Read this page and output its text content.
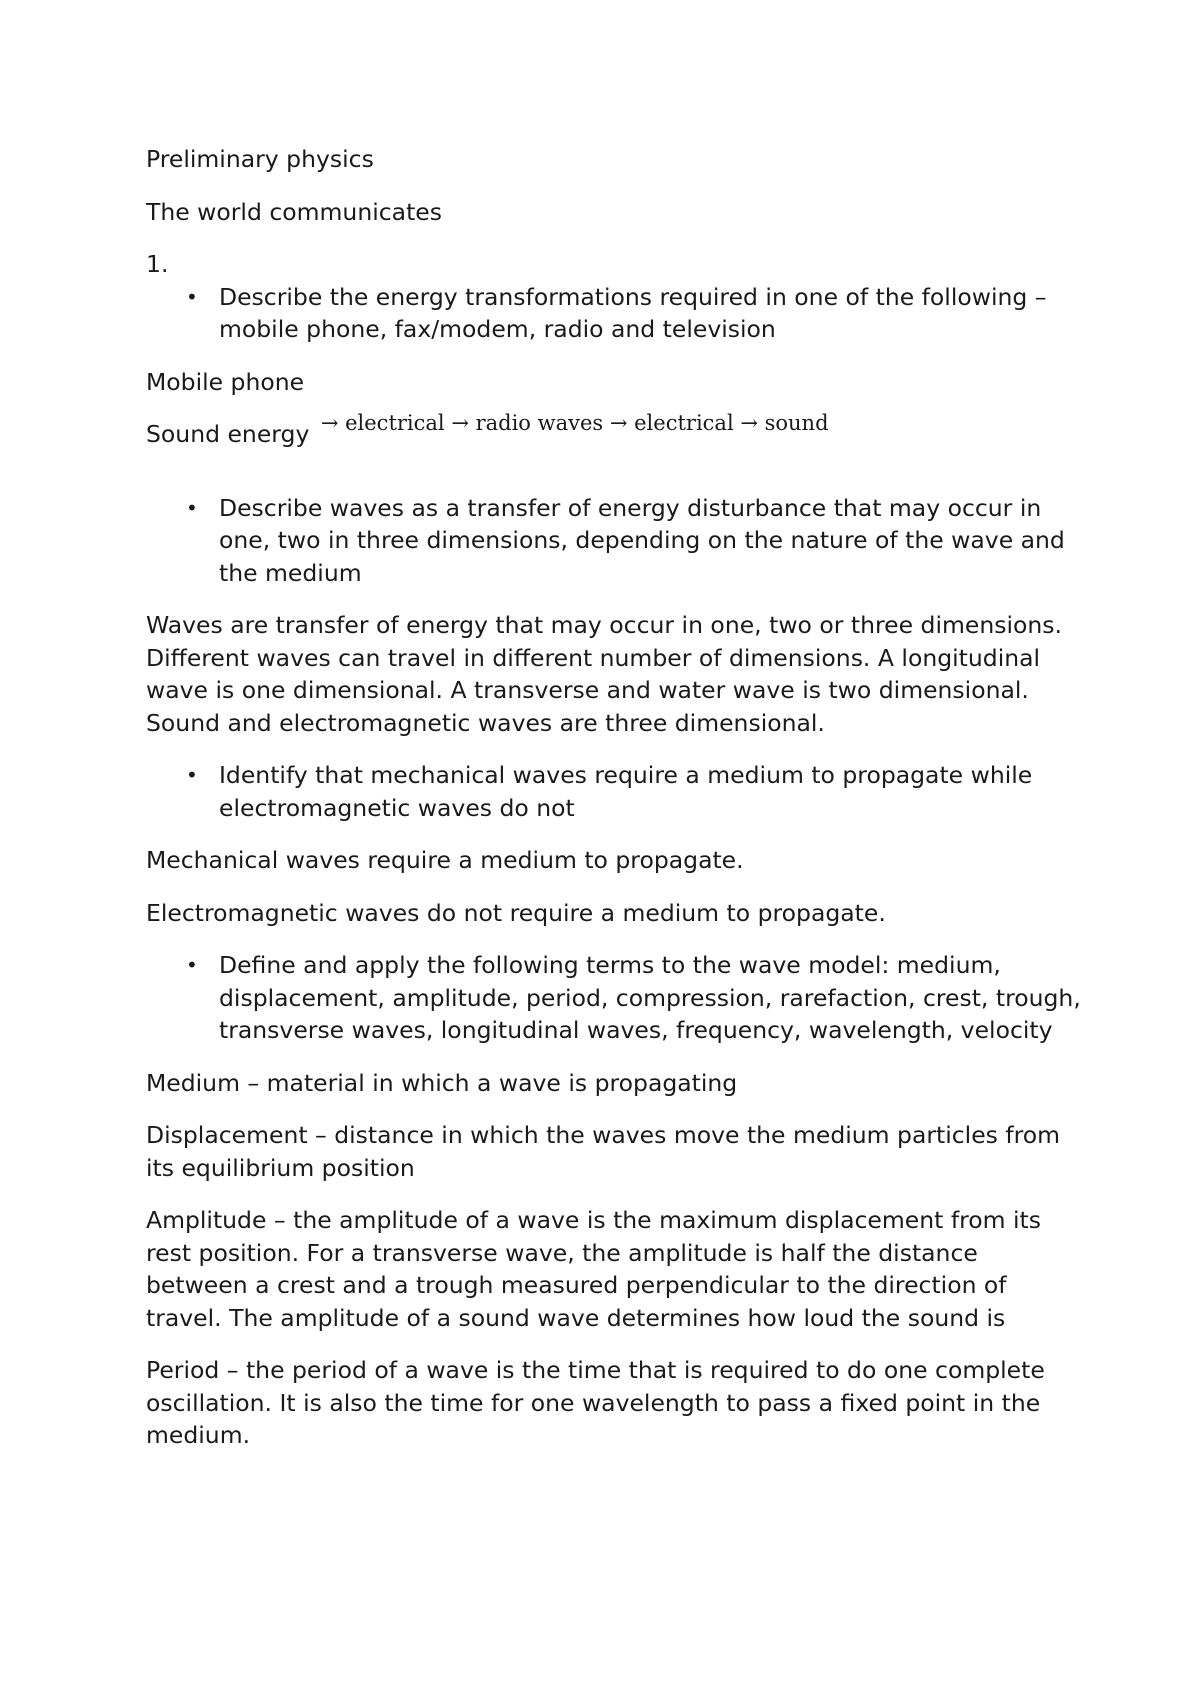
Preliminary physics

The world communicates

1.

• Describe the energy transformations required in one of the following – mobile phone, fax/modem, radio and television

Mobile phone

Sound energy → electrical → radio waves → electrical → sound

• Describe waves as a transfer of energy disturbance that may occur in one, two in three dimensions, depending on the nature of the wave and the medium

Waves are transfer of energy that may occur in one, two or three dimensions. Different waves can travel in different number of dimensions. A longitudinal wave is one dimensional. A transverse and water wave is two dimensional. Sound and electromagnetic waves are three dimensional.

• Identify that mechanical waves require a medium to propagate while electromagnetic waves do not

Mechanical waves require a medium to propagate.

Electromagnetic waves do not require a medium to propagate.

• Define and apply the following terms to the wave model: medium, displacement, amplitude, period, compression, rarefaction, crest, trough, transverse waves, longitudinal waves, frequency, wavelength, velocity

Medium – material in which a wave is propagating

Displacement – distance in which the waves move the medium particles from its equilibrium position

Amplitude – the amplitude of a wave is the maximum displacement from its rest position. For a transverse wave, the amplitude is half the distance between a crest and a trough measured perpendicular to the direction of travel. The amplitude of a sound wave determines how loud the sound is

Period – the period of a wave is the time that is required to do one complete oscillation. It is also the time for one wavelength to pass a fixed point in the medium.
